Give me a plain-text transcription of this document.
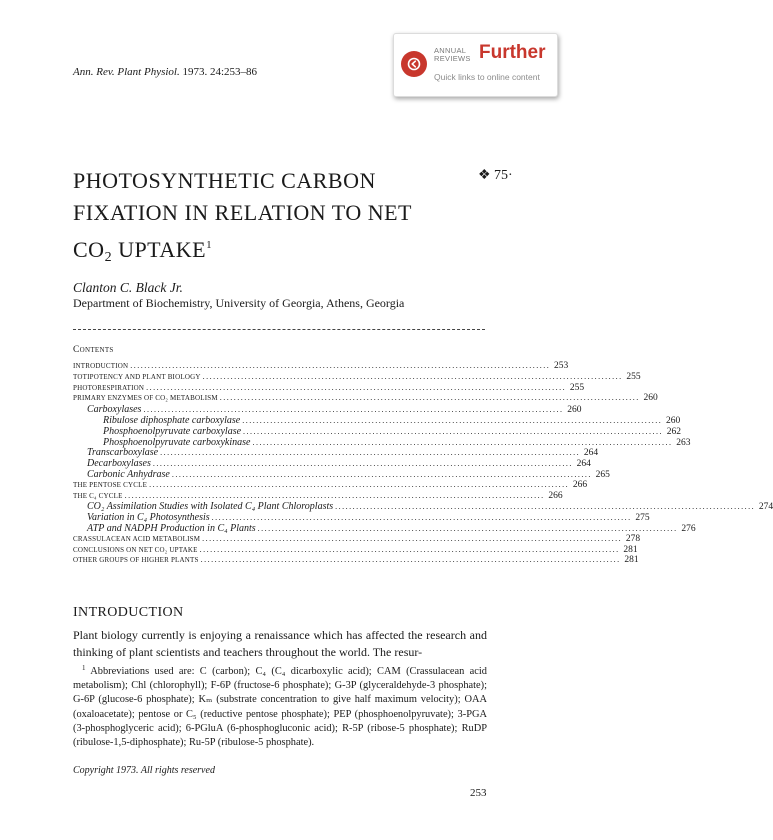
Ann. Rev. Plant Physiol. 1973. 24:253–86
ANNUAL
REVIEWS Further
Quick links to online content
PHOTOSYNTHETIC CARBON
FIXATION IN RELATION TO NET
$CO_2$ UPTAKE$^1$
❖ 75·
Clanton C. Black Jr.
Department of Biochemistry, University of Georgia, Athens, Georgia
Contents
INTRODUCTION ........................................................................................................................ 253
TOTIPOTENCY AND PLANT BIOLOGY ........................................................................................................................ 255
PHOTORESPIRATION ........................................................................................................................ 255
PRIMARY ENZYMES OF CO₂ METABOLISM ........................................................................................................................ 260
Carboxylases ........................................................................................................................ 260
Ribulose diphosphate carboxylase ........................................................................................................................ 260
Phosphoenolpyruvate carboxylase ........................................................................................................................ 262
Phosphoenolpyruvate carboxykinase ........................................................................................................................ 263
Transcarboxylase ........................................................................................................................ 264
Decarboxylases ........................................................................................................................ 264
Carbonic Anhydrase ........................................................................................................................ 265
THE PENTOSE CYCLE ........................................................................................................................ 266
THE C₄ CYCLE ........................................................................................................................ 266
CO₂ Assimilation Studies with Isolated C₄ Plant Chloroplasts ........................................................................................................................ 274
Variation in C₄ Photosynthesis ........................................................................................................................ 275
ATP and NADPH Production in C₄ Plants ........................................................................................................................ 276
CRASSULACEAN ACID METABOLISM ........................................................................................................................ 278
CONCLUSIONS ON NET CO₂ UPTAKE ........................................................................................................................ 281
OTHER GROUPS OF HIGHER PLANTS ........................................................................................................................ 281
INTRODUCTION
Plant biology currently is enjoying a renaissance which has affected the research and thinking of plant scientists and teachers throughout the world. The resur-
$^1$ Abbreviations used are: C (carbon); C₄ (C₄ dicarboxylic acid); CAM (Crassulacean acid metabolism); Chl (chlorophyll); F-6P (fructose-6 phosphate); G-3P (glyceraldehyde-3 phosphate); G-6P (glucose-6 phosphate); Kₘ (substrate concentration to give half maximum velocity); OAA (oxaloacetate); pentose or C₅ (reductive pentose phosphate); PEP (phosphoenolpyruvate); 3-PGA (3-phosphoglyceric acid); 6-PGluA (6-phosphogluconic acid); R-5P (ribose-5 phosphate); RuDP (ribulose-1,5-diphosphate); Ru-5P (ribulose-5 phosphate).
Copyright 1973. All rights reserved
253
